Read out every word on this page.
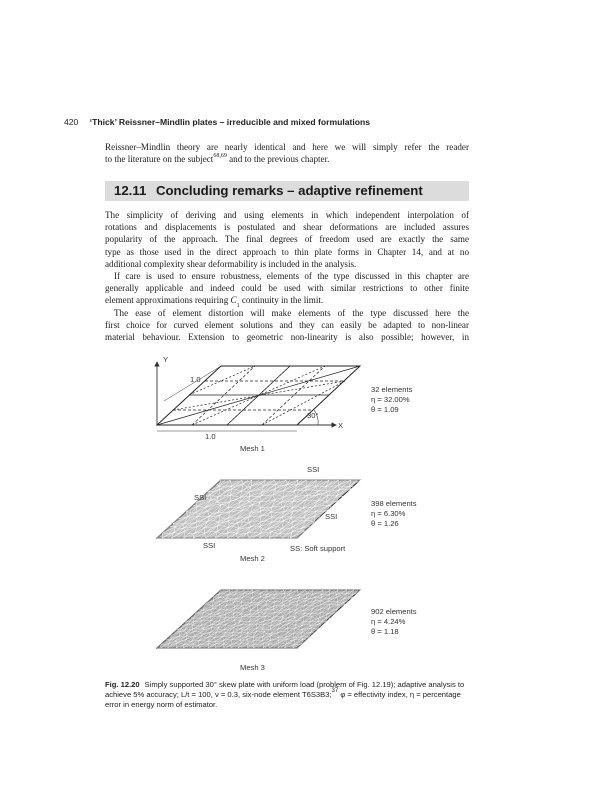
420 ‘Thick’ Reissner–Mindlin plates – irreducible and mixed formulations

Reissner–Mindlin theory are nearly identical and here we will simply refer the reader
to the literature on the subject$^{68,69}$ and to the previous chapter.

12.11 Concluding remarks – adaptive refinement

The simplicity of deriving and using elements in which independent interpolation of
rotations and displacements is postulated and shear deformations are included assures
popularity of the approach. The final degrees of freedom used are exactly the same
type as those used in the direct approach to thin plate forms in Chapter 14, and at no
additional complexity shear deformability is included in the analysis.

If care is used to ensure robustness, elements of the type discussed in this chapter are
generally applicable and indeed could be used with similar restrictions to other finite
element approximations requiring $C_1$ continuity in the limit.

The ease of element distortion will make elements of the type discussed here the
first choice for curved element solutions and they can easily be adapted to non-linear
material behaviour. Extension to geometric non-linearity is also possible; however, in

Y
X
1.0
1.0
30°
32 elements
η = 32.00%
θ = 1.09
Mesh 1
SSI
SSI
SSI
SSI	SS: Soft support
398 elements
η = 6.30%
θ = 1.26
Mesh 2
902 elements
η = 4.24%
θ = 1.18
Mesh 3
Fig. 12.20 Simply supported 30° skew plate with uniform load (problem of Fig. 12.19); adaptive analysis to
achieve 5% accuracy; L/t = 100, ν = 0.3, six-node element T6S3B3;$^{37}$ φ = effectivity index, η = percentage
error in energy norm of estimator.
